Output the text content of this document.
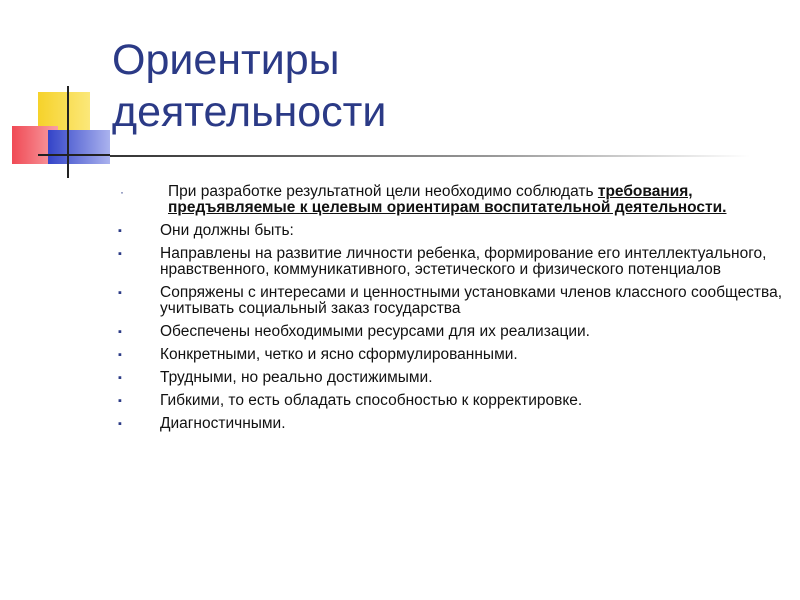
Ориентиры
деятельности
·	При разработке результатной цели необходимо соблюдать требования, предъявляемые к целевым ориентирам воспитательной деятельности.
▪ Они должны быть:
▪ Направлены на развитие личности ребенка, формирование его интеллектуального, нравственного, коммуникативного, эстетического и физического потенциалов
▪ Сопряжены с интересами и ценностными установками членов классного сообщества, учитывать социальный заказ государства
▪ Обеспечены необходимыми ресурсами для их реализации.
▪ Конкретными, четко и ясно сформулированными.
▪ Трудными, но реально достижимыми.
▪ Гибкими, то есть обладать способностью к корректировке.
▪ Диагностичными.
